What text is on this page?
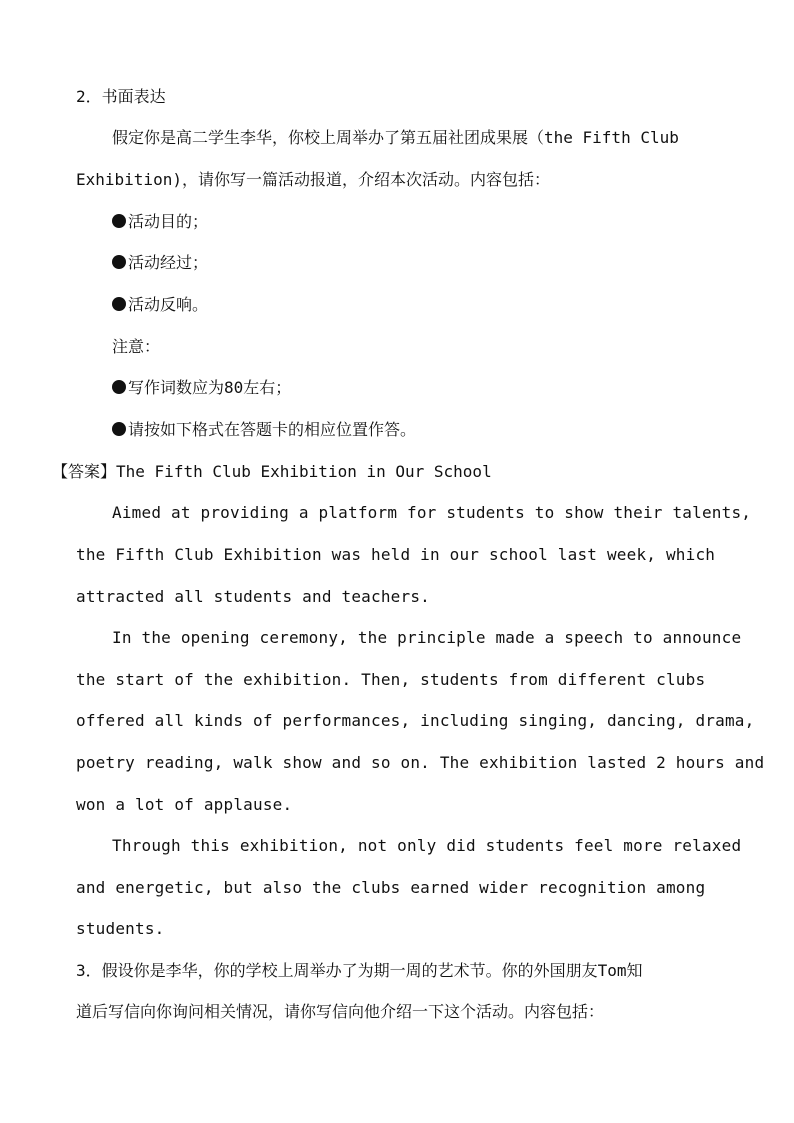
2．书面表达
假定你是高二学生李华，你校上周举办了第五届社团成果展（the Fifth Club
Exhibition)，请你写一篇活动报道，介绍本次活动。内容包括：
活动目的；
活动经过；
活动反响。
注意：
写作词数应为80左右；
请按如下格式在答题卡的相应位置作答。
【答案】The Fifth Club Exhibition in Our School
Aimed at providing a platform for students to show their talents,
the Fifth Club Exhibition was held in our school last week, which
attracted all students and teachers.
In the opening ceremony, the principle made a speech to announce
the start of the exhibition. Then, students from different clubs
offered all kinds of performances, including singing, dancing, drama,
poetry reading, walk show and so on. The exhibition lasted 2 hours and
won a lot of applause.
Through this exhibition, not only did students feel more relaxed
and energetic, but also the clubs earned wider recognition among
students.
3．假设你是李华，你的学校上周举办了为期一周的艺术节。你的外国朋友Tom知
道后写信向你询问相关情况，请你写信向他介绍一下这个活动。内容包括：
